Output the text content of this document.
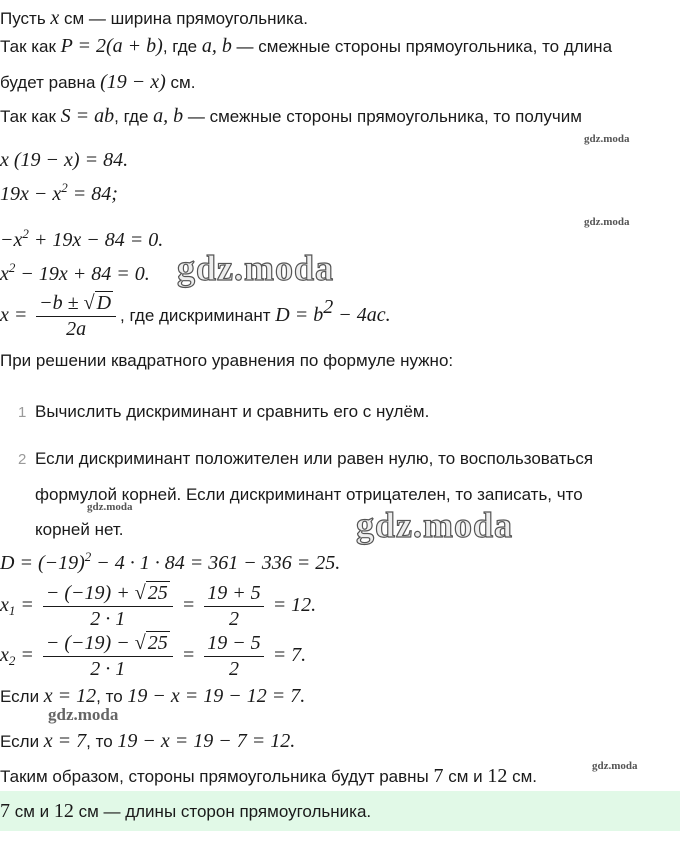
Пусть x см — ширина прямоугольника.
Так как P = 2(a + b), где a, b — смежные стороны прямоугольника, то длина
будет равна (19 − x) см.
Так как S = ab, где a, b — смежные стороны прямоугольника, то получим
gdz.moda
x (19 − x) = 84.
$19x - x^2 = 84$;
gdz.moda
$-x^2 + 19x - 84 = 0$.
$x^2 - 19x + 84 = 0$. gdz.moda
$x = \frac{-b \pm √ D}{2a}$ , где дискриминант $D = b^2 - 4ac$.
При решении квадратного уравнения по формуле нужно:
1 Вычислить дискриминант и сравнить его с нулём.
2 Если дискриминант положителен или равен нулю, то воспользоваться
формулой корней. Если дискриминант отрицателен, то записать, что
корней нет.
gdz.moda	gdz.moda
$D = (-19)^2 - 4 \cdot 1 \cdot 84 = 361 - 336 = 25$.
$x_1 = \frac{- (-19) + √ 25}{2 \cdot 1} = \frac{19 + 5}{2} = 12$.
$x_2 = \frac{- (-19) - √ 25}{2 \cdot 1} = \frac{19 - 5}{2} = 7$.
Если x = 12, то 19 − x = 19 − 12 = 7.
gdz.moda
Если x = 7, то 19 − x = 19 − 7 = 12.
Таким образом, стороны прямоугольника будут равны 7 см и 12 см.
gdz.moda
7 см и 12 см — длины сторон прямоугольника.
